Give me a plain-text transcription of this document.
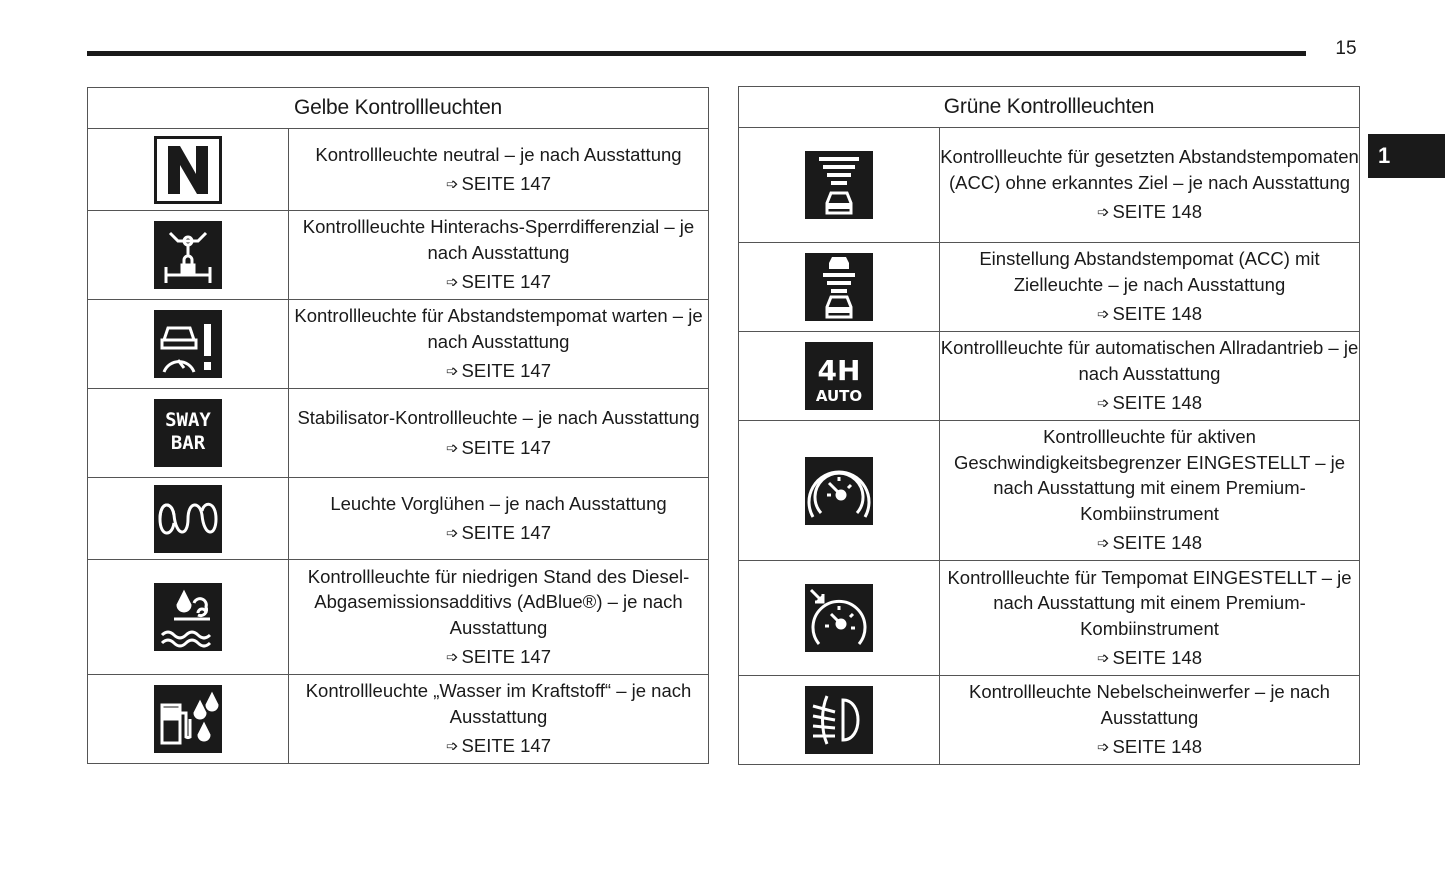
15
1
Gelbe Kontrollleuchten	

	Kontrollleuchte neutral – je nach Ausstattung
➩ SEITE 147

	Kontrollleuchte Hinterachs-Sperrdifferenzial – je nach Ausstattung
➩ SEITE 147

	Kontrollleuchte für Abstandstempomat warten – je nach Ausstattung
➩ SEITE 147

SWAY
BAR	Stabilisator-Kontrollleuchte – je nach Ausstattung
➩ SEITE 147

	Leuchte Vorglühen – je nach Ausstattung
➩ SEITE 147

	Kontrollleuchte für niedrigen Stand des Diesel-Abgasemissionsadditivs (AdBlue®) – je nach Ausstattung
➩ SEITE 147

	Kontrollleuchte „Wasser im Kraftstoff“ – je nach Ausstattung
➩ SEITE 147
Grüne Kontrollleuchten	

	Kontrollleuchte für gesetzten Abstandstempomaten (ACC) ohne erkanntes Ziel – je nach Ausstattung
➩ SEITE 148

	Einstellung Abstandstempomat (ACC) mit Zielleuchte – je nach Ausstattung
➩ SEITE 148

4H
AUTO	Kontrollleuchte für automatischen Allradantrieb – je nach Ausstattung
➩ SEITE 148

	Kontrollleuchte für aktiven Geschwindigkeitsbegrenzer EINGESTELLT – je nach Ausstattung mit einem Premium-Kombiinstrument
➩ SEITE 148

	Kontrollleuchte für Tempomat EINGESTELLT – je nach Ausstattung mit einem Premium-Kombiinstrument
➩ SEITE 148

	Kontrollleuchte Nebelscheinwerfer – je nach Ausstattung
➩ SEITE 148
